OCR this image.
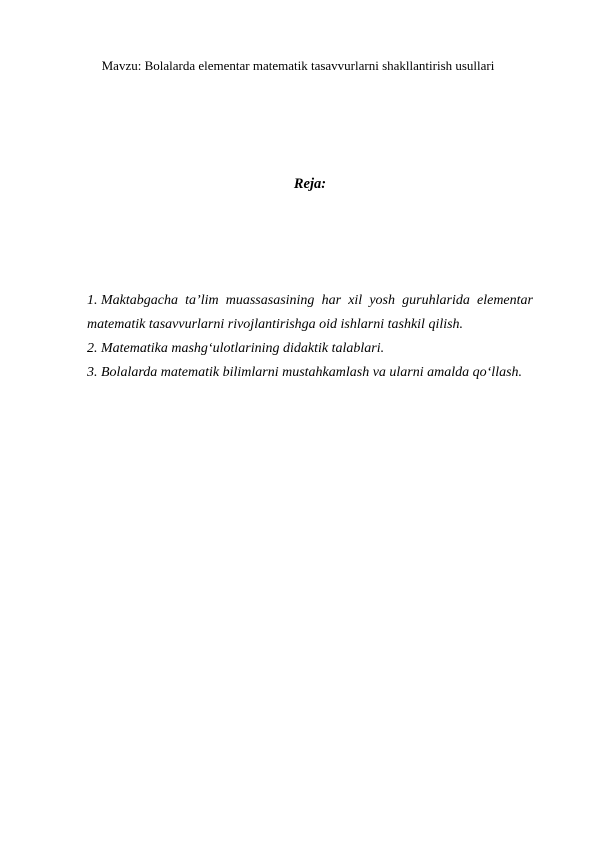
Mavzu: Bolalarda elementar matematik tasavvurlarni shakllantirish usullari
Reja:
1. Maktabgacha ta’lim muassasasining har xil yosh guruhlarida elementar matematik tasavvurlarni rivojlantirishga oid ishlarni tashkil qilish.
2. Matematika mashg‘ulotlarining didaktik talablari.
3. Bolalarda matematik bilimlarni mustahkamlash va ularni amalda qo‘llash.
